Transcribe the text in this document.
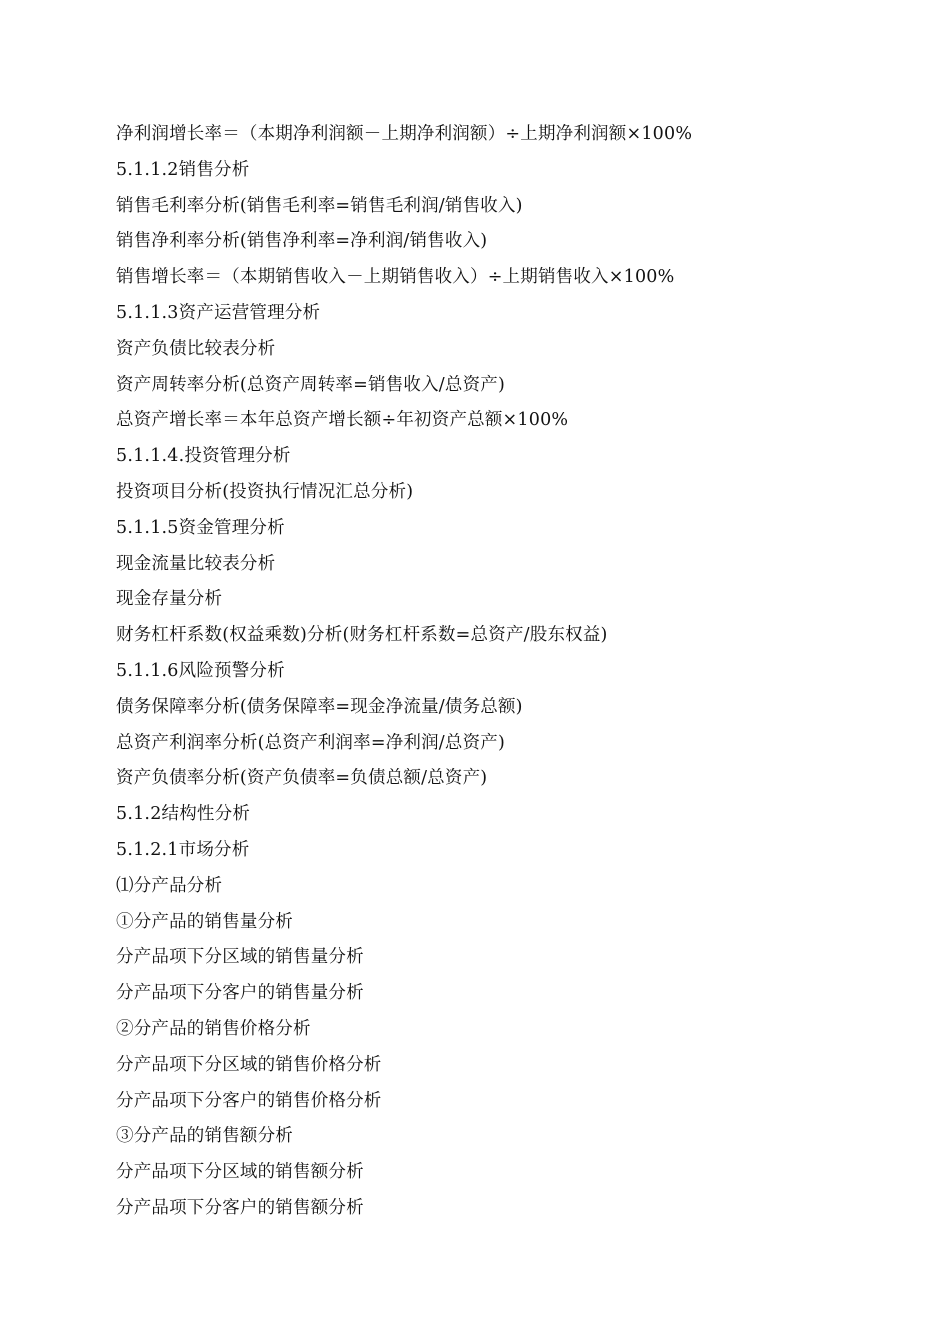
净利润增长率＝（本期净利润额－上期净利润额）÷上期净利润额×100%
5.1.1.2销售分析
销售毛利率分析(销售毛利率=销售毛利润/销售收入)
销售净利率分析(销售净利率=净利润/销售收入)
销售增长率＝（本期销售收入－上期销售收入）÷上期销售收入×100%
5.1.1.3资产运营管理分析
资产负债比较表分析
资产周转率分析(总资产周转率=销售收入/总资产)
总资产增长率＝本年总资产增长额÷年初资产总额×100%
5.1.1.4.投资管理分析
投资项目分析(投资执行情况汇总分析)
5.1.1.5资金管理分析
现金流量比较表分析
现金存量分析
财务杠杆系数(权益乘数)分析(财务杠杆系数=总资产/股东权益)
5.1.1.6风险预警分析
债务保障率分析(债务保障率=现金净流量/债务总额)
总资产利润率分析(总资产利润率=净利润/总资产)
资产负债率分析(资产负债率=负债总额/总资产)
5.1.2结构性分析
5.1.2.1市场分析
⑴分产品分析
①分产品的销售量分析
分产品项下分区域的销售量分析
分产品项下分客户的销售量分析
②分产品的销售价格分析
分产品项下分区域的销售价格分析
分产品项下分客户的销售价格分析
③分产品的销售额分析
分产品项下分区域的销售额分析
分产品项下分客户的销售额分析
